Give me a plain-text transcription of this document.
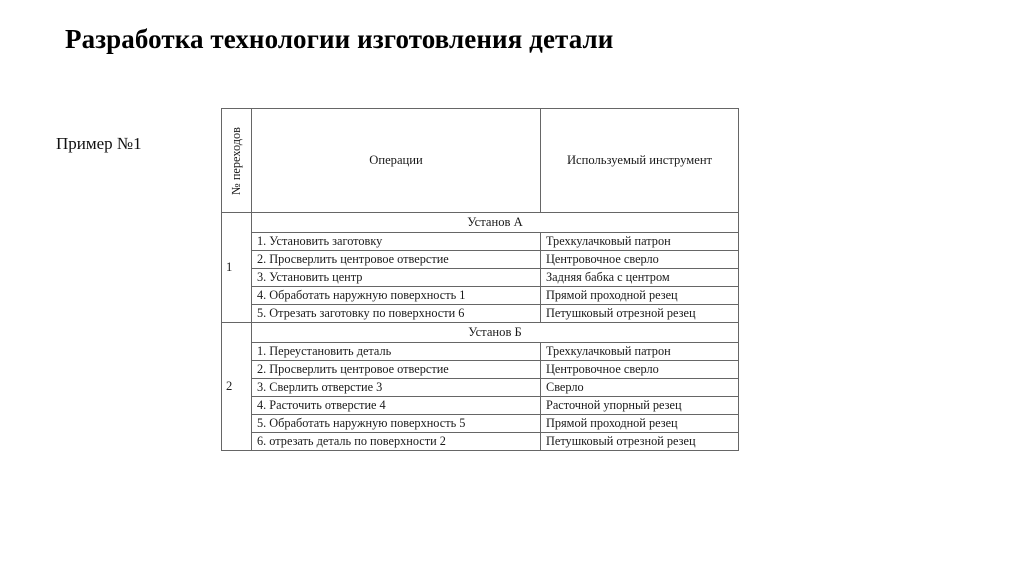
Разработка технологии изготовления детали
Пример №1	№ переходов	Операции	Используемый инструмент
1	Установ А	
	1. Установить заготовку	Трехкулачковый патрон
	2. Просверлить центровое отверстие	Центровочное сверло
	3. Установить центр	Задняя бабка с центром
	4. Обработать наружную поверхность 1	Прямой проходной резец
	5. Отрезать заготовку по поверхности 6	Петушковый отрезной резец
2	Установ Б	
	1. Переустановить деталь	Трехкулачковый патрон
	2. Просверлить центровое отверстие	Центровочное сверло
	3. Сверлить отверстие 3	Сверло
	4. Расточить отверстие 4	Расточной упорный резец
	5. Обработать наружную поверхность 5	Прямой проходной резец
	6. отрезать деталь по поверхности 2	Петушковый отрезной резец
